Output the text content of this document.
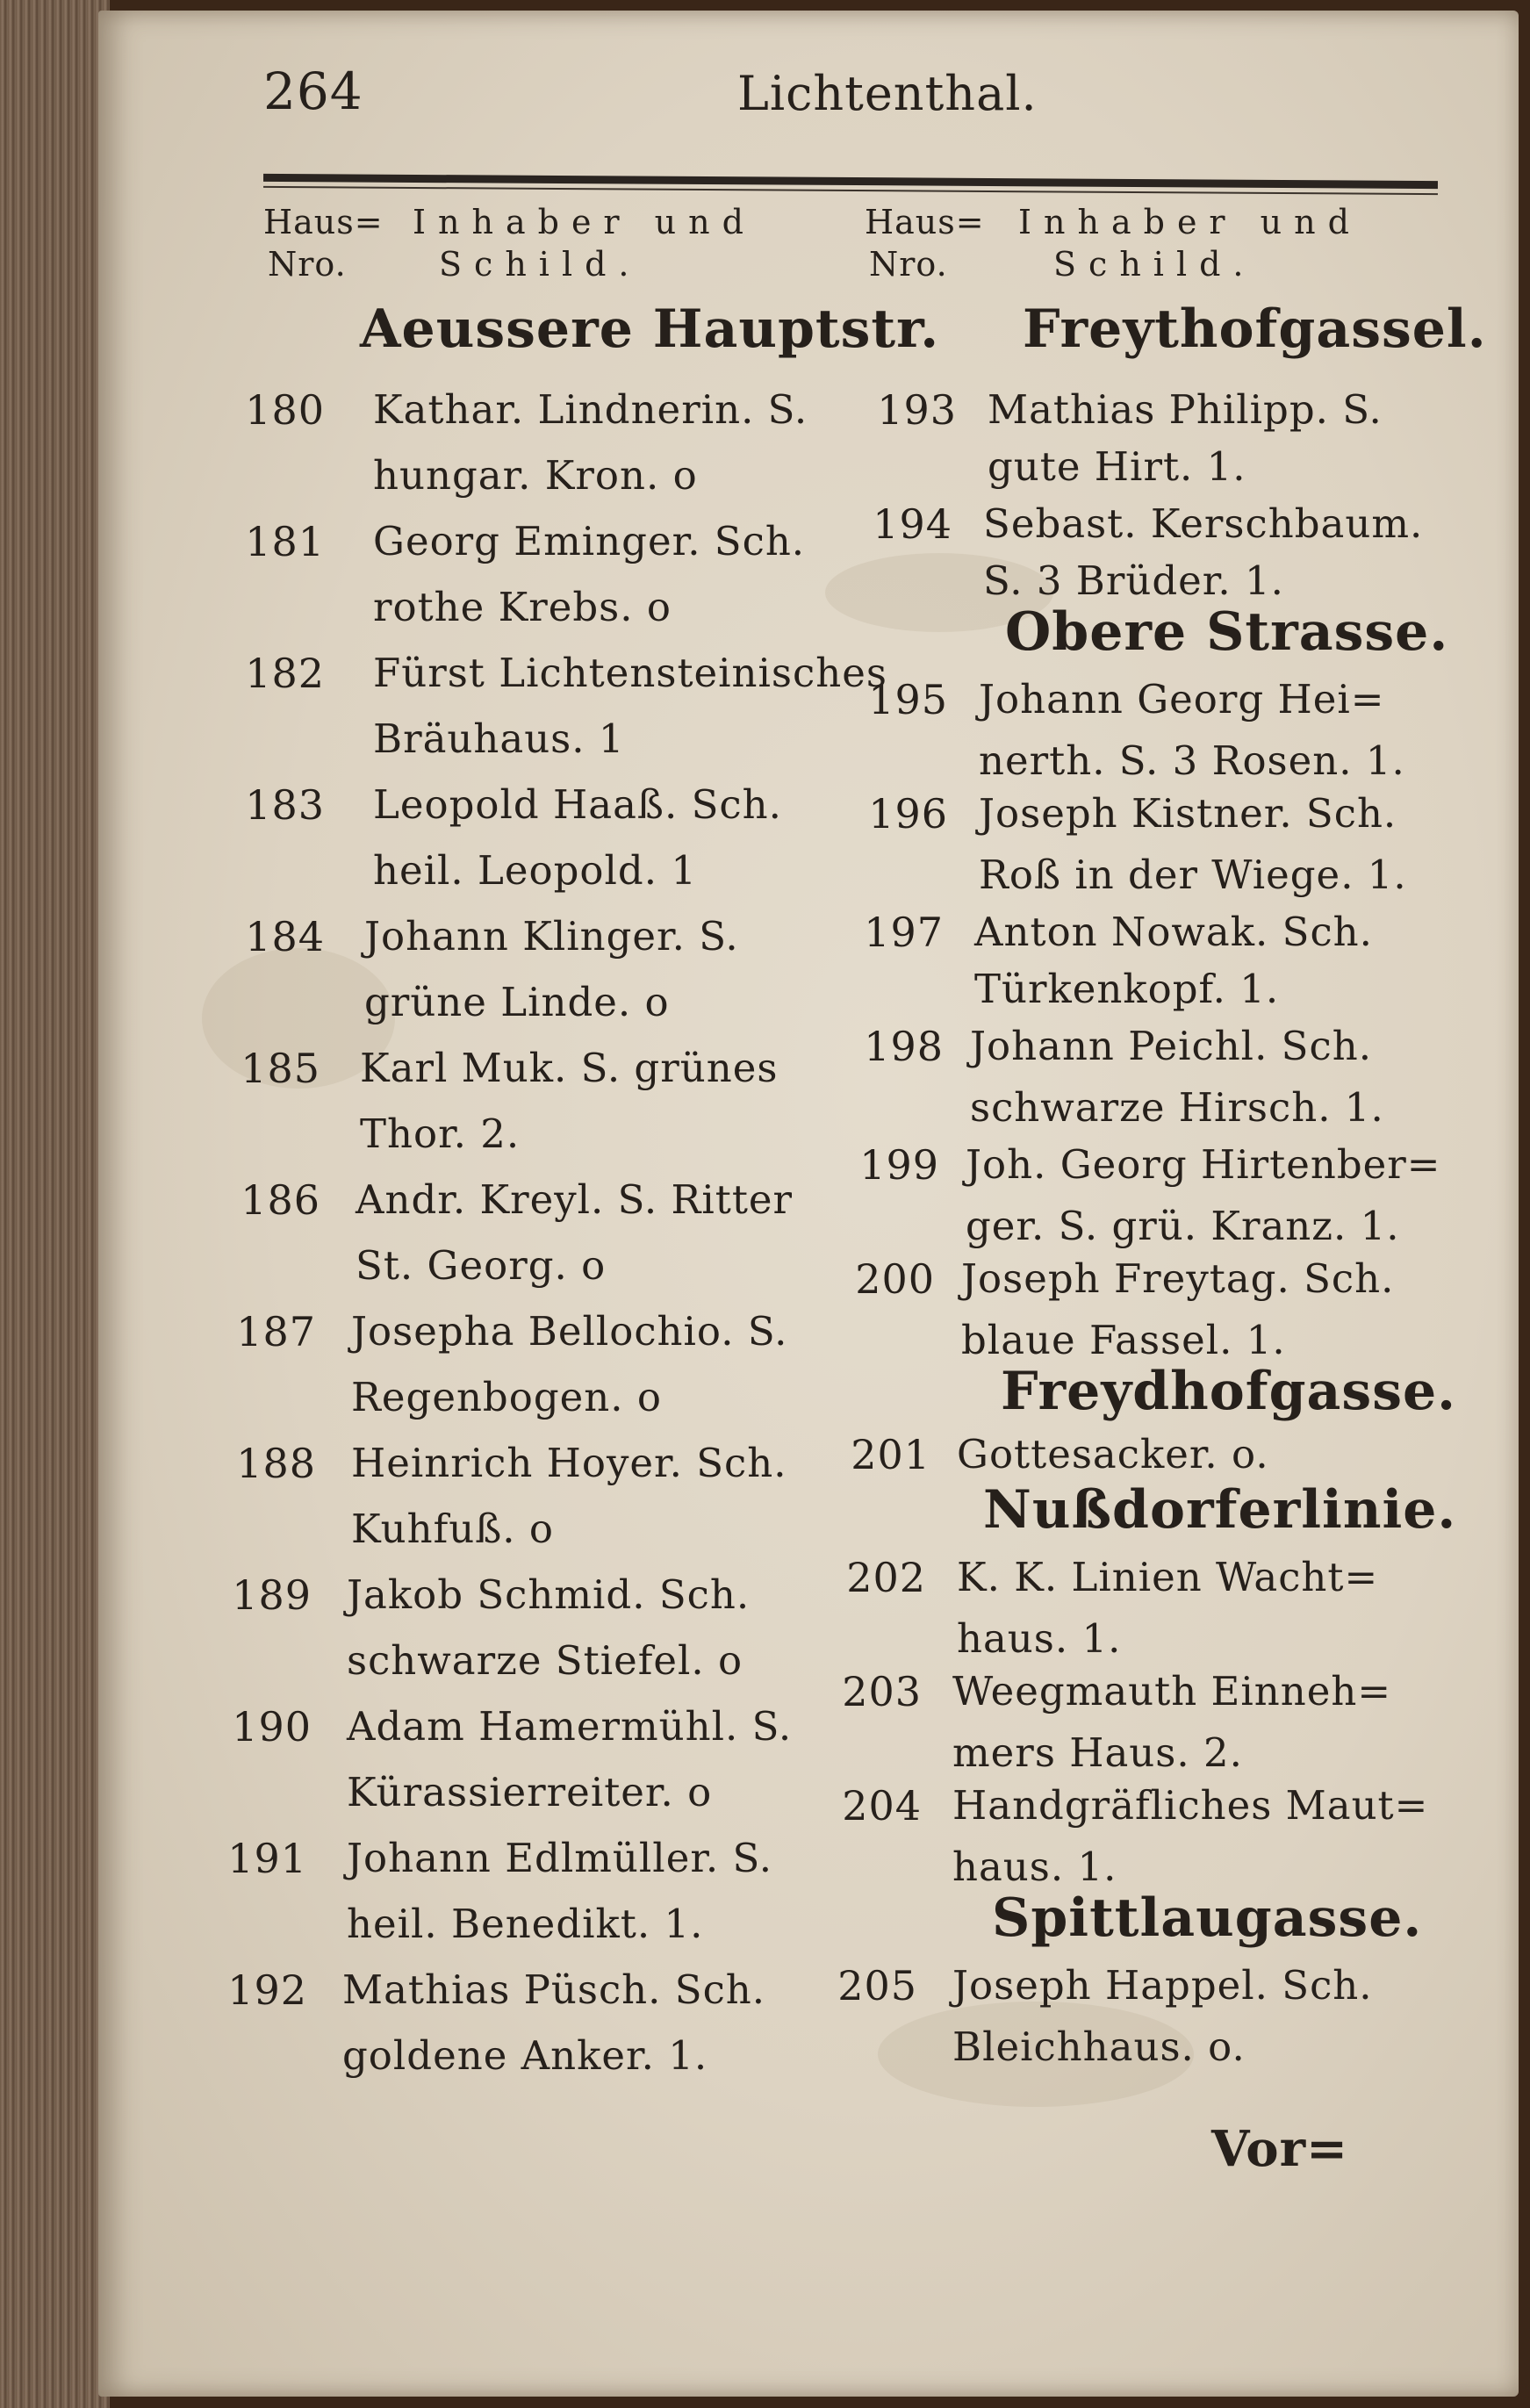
264	Lichtenthal.
Haus=
Nro.
Inhaber und
Schild.
Haus=
Nro.
Inhaber und
Schild.
Aeussere Hauptstr.
180 Kathar. Lindnerin. S.
hungar. Kron. o
181 Georg Eminger. Sch.
rothe Krebs. o
182 Fürst Lichtensteinisches
Bräuhaus. 1
183 Leopold Haaß. Sch.
heil. Leopold. 1
184 Johann Klinger. S.
grüne Linde. o
185 Karl Muk. S. grünes
Thor. 2.
186 Andr. Kreyl. S. Ritter
St. Georg. o
187 Josepha Bellochio. S.
Regenbogen. o
188 Heinrich Hoyer. Sch.
Kuhfuß. o
189 Jakob Schmid. Sch.
schwarze Stiefel. o
190 Adam Hamermühl. S.
Kürassierreiter. o
191 Johann Edlmüller. S.
heil. Benedikt. 1.
192 Mathias Püsch. Sch.
goldene Anker. 1.
Freythofgassel.
193 Mathias Philipp. S.
gute Hirt. 1.
194 Sebast. Kerschbaum.
S. 3 Brüder. 1.
Obere Strasse.
195 Johann Georg Hei=
nerth. S. 3 Rosen. 1.
196 Joseph Kistner. Sch.
Roß in der Wiege. 1.
197 Anton Nowak. Sch.
Türkenkopf. 1.
198 Johann Peichl. Sch.
schwarze Hirsch. 1.
199 Joh. Georg Hirtenber=
ger. S. grü. Kranz. 1.
200 Joseph Freytag. Sch.
blaue Fassel. 1.
Freydhofgasse.
201 Gottesacker. o.
Nußdorferlinie.
202 K. K. Linien Wacht=
haus. 1.
203 Weegmauth Einneh=
mers Haus. 2.
204 Handgräfliches Maut=
haus. 1.
Spittlaugasse.
205 Joseph Happel. Sch.
Bleichhaus. o.
Vor=
